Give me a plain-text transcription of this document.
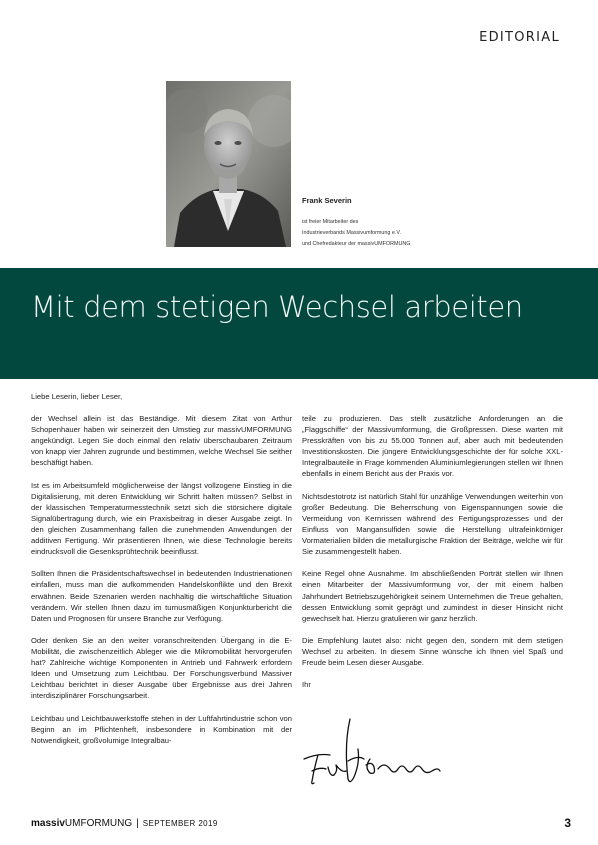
EDITORIAL
Frank Severin
ist freier Mitarbeiter des
Industrieverbands Massivumformung e.V.
und Chefredakteur der massivUMFORMUNG
Mit dem stetigen Wechsel arbeiten
Liebe Leserin, lieber Leser,

der Wechsel allein ist das Beständige. Mit diesem Zitat von Arthur Schopenhauer haben wir seinerzeit den Umstieg zur massivUMFORMUNG angekündigt. Legen Sie doch einmal den relativ überschaubaren Zeitraum von knapp vier Jahren zugrunde und bestimmen, welche Wechsel Sie seither beschäftigt haben.

Ist es im Arbeitsumfeld möglicherweise der längst vollzogene Einstieg in die Digitalisierung, mit deren Entwicklung wir Schritt halten müssen? Selbst in der klassischen Temperaturmesstechnik setzt sich die störsichere digitale Signalübertragung durch, wie ein Praxisbeitrag in dieser Ausgabe zeigt. In den gleichen Zusammenhang fallen die zunehmenden Anwendungen der additiven Fertigung. Wir präsentieren Ihnen, wie diese Technologie bereits eindrucksvoll die Gesenksprühtechnik beeinflusst.

Sollten Ihnen die Präsidentschaftswechsel in bedeutenden Industrienationen einfallen, muss man die aufkommenden Handelskonflikte und den Brexit erwähnen. Beide Szenarien werden nachhaltig die wirtschaftliche Situation verändern. Wir stellen Ihnen dazu im turnusmäßigen Konjunkturbericht die Daten und Prognosen für unsere Branche zur Verfügung.

Oder denken Sie an den weiter voranschreitenden Übergang in die E-Mobilität, die zwischenzeitlich Ableger wie die Mikromobilität hervorgerufen hat? Zahlreiche wichtige Komponenten in Antrieb und Fahrwerk erfordern Ideen und Umsetzung zum Leichtbau. Der Forschungsverbund Massiver Leichtbau berichtet in dieser Ausgabe über Ergebnisse aus drei Jahren interdisziplinärer Forschungsarbeit.

Leichtbau und Leichtbauwerkstoffe stehen in der Luftfahrtindustrie schon von Beginn an im Pflichtenheft, insbesondere in Kombination mit der Notwendigkeit, großvolumige Integralbau-

teile zu produzieren. Das stellt zusätzliche Anforderungen an die „Flaggschiffe“ der Massivumformung, die Großpressen. Diese warten mit Presskräften von bis zu 55.000 Tonnen auf, aber auch mit bedeutenden Investitionskosten. Die jüngere Entwicklungsgeschichte der für solche XXL-Integralbauteile in Frage kommenden Aluminiumlegierungen stellen wir Ihnen ebenfalls in einem Bericht aus der Praxis vor.

Nichtsdestotrotz ist natürlich Stahl für unzählige Verwendungen weiterhin von großer Bedeutung. Die Beherrschung von Eigenspannungen sowie die Vermeidung von Kernrissen während des Fertigungsprozesses und der Einfluss von Mangansulfiden sowie die Herstellung ultrafeinkörniger Vormaterialien bilden die metallurgische Fraktion der Beiträge, welche wir für Sie zusammengestellt haben.

Keine Regel ohne Ausnahme. Im abschließenden Porträt stellen wir Ihnen einen Mitarbeiter der Massivumformung vor, der mit einem halben Jahrhundert Betriebszugehörigkeit seinem Unternehmen die Treue gehalten, dessen Entwicklung somit geprägt und zumindest in dieser Hinsicht nicht gewechselt hat. Hierzu gratulieren wir ganz herzlich.

Die Empfehlung lautet also: nicht gegen den, sondern mit dem stetigen Wechsel zu arbeiten. In diesem Sinne wünsche ich Ihnen viel Spaß und Freude beim Lesen dieser Ausgabe.

Ihr

massivUMFORMUNG | SEPTEMBER 2019	3
